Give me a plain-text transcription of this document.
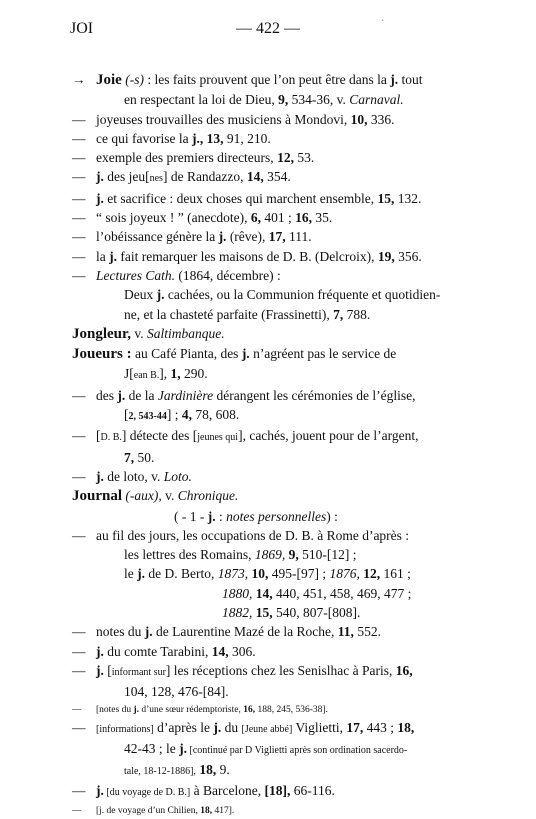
JOI	— 422 —	·
→ Joie (-s) : les faits prouvent que l’on peut être dans la j. tout
en respectant la loi de Dieu, 9, 534-36, v. Carnaval.
— joyeuses trouvailles des musiciens à Mondovi, 10, 336.
— ce qui favorise la j., 13, 91, 210.
— exemple des premiers directeurs, 12, 53.
— j. des jeu[nes] de Randazzo, 14, 354.
— j. et sacrifice : deux choses qui marchent ensemble, 15, 132.
— “ sois joyeux ! ” (anecdote), 6, 401 ; 16, 35.
— l’obéissance génère la j. (rêve), 17, 111.
— la j. fait remarquer les maisons de D. B. (Delcroix), 19, 356.
— Lectures Cath. (1864, décembre) :
Deux j. cachées, ou la Communion fréquente et quotidien-
ne, et la chasteté parfaite (Frassinetti), 7, 788.
Jongleur, v. Saltimbanque.
Joueurs : au Café Pianta, des j. n’agréent pas le service de
J[ean B.], 1, 290.
— des j. de la Jardinière dérangent les cérémonies de l’église,
[2, 543-44] ; 4, 78, 608.
— [D. B.] détecte des [jeunes qui], cachés, jouent pour de l’argent,
7, 50.
— j. de loto, v. Loto.
Journal (-aux), v. Chronique.
( - 1 - j. : notes personnelles) :
— au fil des jours, les occupations de D. B. à Rome d’après :
les lettres des Romains, 1869, 9, 510-[12] ;
le j. de D. Berto, 1873, 10, 495-[97] ; 1876, 12, 161 ;
1880, 14, 440, 451, 458, 469, 477 ;
1882, 15, 540, 807-[808].
— notes du j. de Laurentine Mazé de la Roche, 11, 552.
— j. du comte Tarabini, 14, 306.
— j. [informant sur] les réceptions chez les Senislhac à Paris, 16,
104, 128, 476-[84].
— [notes du j. d’une sœur rédemptoriste, 16, 188, 245, 536-38].
— [informations] d’après le j. du [Jeune abbé] Viglietti, 17, 443 ; 18,
42-43 ; le j. [continué par D Viglietti après son ordination sacerdo-
tale, 18-12-1886], 18, 9.
— j. [du voyage de D. B.] à Barcelone, [18], 66-116.
— [j. de voyage d’un Chilien, 18, 417].
